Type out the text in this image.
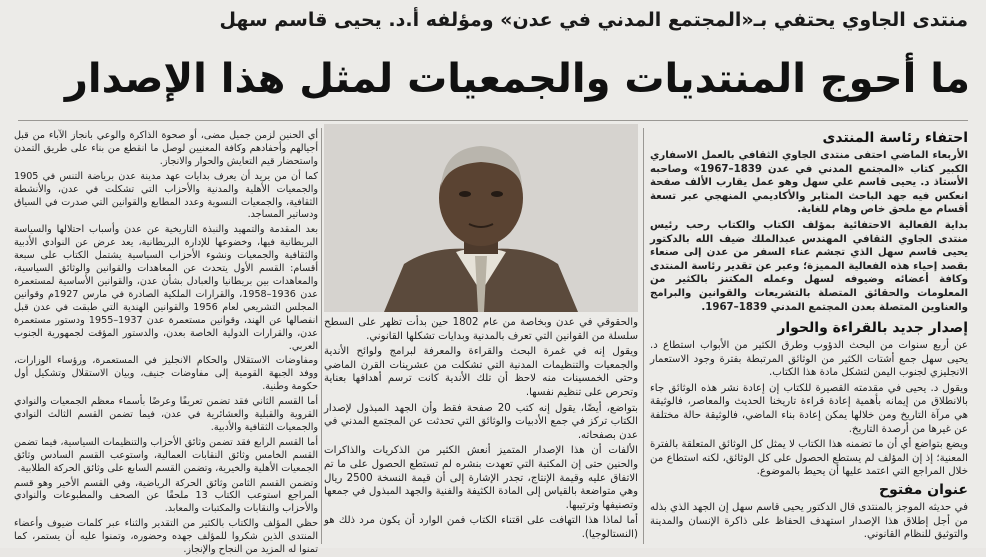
منتدى الجاوي يحتفي بـ«المجتمع المدني في عدن» ومؤلفه أ.د. يحيى قاسم سهل
ما أحوج المنتديات والجمعيات لمثل هذا الإصدار
احتفاء رئاسة المنتدى

الأربعاء الماضي احتفى منتدى الجاوي الثقافي بالعمل الاسفاري الكبير كتاب «المجتمع المدني في عدن 1839–1967» وصاحبه الأستاذ د. يحيى قاسم علي سهل وهو عمل يقارب الألف صفحة انعكس فيه جهد الباحث المثابر والأكاديمي المنهجي عبر تسعة أقسام مع ملحق خاص وهام للغاية.

بداية الفعالية الاحتفائية بمؤلف الكتاب والكتاب رحب رئيس منتدى الجاوي الثقافي المهندس عبدالملك ضيف الله بالدكتور يحيى قاسم سهل الذي تجشم عناء السفر من عدن إلى صنعاء بقصد إحياء هذه الفعالية المميزة؛ وعبر عن تقدير رئاسة المنتدى وكافة أعضائه وضيوفه لسهل وعمله المكتنز بالكثير من المعلومات والحقائق المتصلة بالتشريعات والقوانين والبرامج والعناوين المتصلة بعدن المجتمع المدني 1839–1967.

إصدار جديد بالقراءة والحوار

عن أربع سنوات من البحث الدؤوب وطرق الكثير من الأبواب استطاع د. يحيى سهل جمع أشتات الكثير من الوثائق المرتبطة بفترة وجود الاستعمار الانجليزي لجنوب اليمن لتشكل مادة هذا الكتاب.

ويقول د. يحيى في مقدمته القصيرة للكتاب إن إعادة نشر هذه الوثائق جاء بالانطلاق من إيمانه بأهمية إعادة قراءة تاريخنا الحديث والمعاصر، فالوثيقة هي مرآة التاريخ ومن خلالها يمكن إعادة بناء الماضي، فالوثيقة حالة مختلفة عن غيرها من أرصدة التاريخ.

ويضع بتواضع أي أن ما تضمنه هذا الكتاب لا يمثل كل الوثائق المتعلقة بالفترة المعنية؛ إذ إن المؤلف لم يستطع الحصول على كل الوثائق، لكنه استطاع من خلال المراجع التي اعتمد عليها أن يحيط بالموضوع.

عنوان مفتوح

في حديثه الموجز بالمنتدى قال الدكتور يحيى قاسم سهل إن الجهد الذي بذله من أجل إطلاق هذا الإصدار استهدف الحفاظ على ذاكرة الإنسان والمدينة والتوثيق للنظام القانوني.

والحقوقي في عدن وبخاصة من عام 1802 حين بدأت تظهر على السطح سلسلة من القوانين التي تعرف بالمدنية وبدايات تشكلها القانوني.

ويقول إنه في غمرة البحث والقراءة والمعرفة لبرامج ولوائح الأندية والجمعيات والتنظيمات المدنية التي تشكلت من عشرينات القرن الماضي وحتى الخمسينات منه لاحظ أن تلك الأندية كانت ترسم أهدافها بعناية وتحرص على تنظيم نفسها.

بتواضع، أيضًا، يقول إنه كتب 20 صفحة فقط وأن الجهد المبذول لإصدار الكتاب تركز في جمع الأدبيات والوثائق التي تحدثت عن المجتمع المدني في عدن بصفحاته.

الألفات أن هذا الإصدار المتميز أنعش الكثير من الذكريات والذاكرات والحنين حتى إن المكتبة التي تعهدت بنشره لم تستطع الحصول على ما تم الاتفاق عليه وقيمة الإنتاج، تجدر الإشارة إلى أن قيمة النسخة 2500 ريال وهي متواضعة بالقياس إلى المادة الكثيفة والفنية والجهد المبذول في جمعها وتصنيفها وترتيبها.

أما لماذا هذا التهافت على اقتناء الكتاب فمن الوارد أن يكون مرد ذلك هو (النستالوجيا).

أي الحنين لزمن جميل مضى، أو صحوة الذاكرة والوعي بانجاز الآباء من قبل أجيالهم وأحفادهم وكافة المعنيين لوصل ما انقطع من بناء على طريق التمدن واستحضار قيم التعايش والحوار والانجاز.

كما أن من يريد أن يعرف بدايات عهد مدينة عدن برياضة التنس في 1905 والجمعيات الأهلية والمدنية والأحزاب التي تشكلت في عدن، والأنشطة الثقافية، والجمعيات النسوية وعدد المطابع والقوانين التي صدرت في السياق ودساتير المساجد.

بعد المقدمة والتمهيد والنبذة التاريخية عن عدن وأسباب احتلالها والسياسة البريطانية فيها، وخضوعها للإدارة البريطانية، يعد عرض عن النوادي الأدبية والثقافية والجمعيات ونشوء الأحزاب السياسية يشتمل الكتاب على سبعة أقسام: القسم الأول يتحدث عن المعاهدات والقوانين والوثائق السياسية، والمعاهدات بين بريطانيا والعبادل بشأن عدن، والقوانين الأساسية لمستعمرة عدن 1936–1958، والقرارات الملكية الصادرة في مارس 1927م وقوانين المجلس التشريعي لعام 1956 والقوانين الهندية التي طبقت في عدن قبل انفصالها عن الهند، وقوانين مستعمرة عدن 1937–1955 ودستور مستعمرة عدن، والقرارات الدولية الخاصة بعدن، والدستور المؤقت لجمهورية الجنوب العربي.

ومفاوضات الاستقلال والحكام الانجليز في المستعمرة، ورؤساء الوزارات، ووفد الجبهة القومية إلى مفاوضات جنيف، وبيان الاستقلال وتشكيل أول حكومة وطنية.

أما القسم الثاني فقد تضمن تعريفًا وعرضًا بأسماء معظم الجمعيات والنوادي القروية والقبلية والعشائرية في عدن، فيما تضمن القسم الثالث النوادي والجمعيات الثقافية والأدبية.

أما القسم الرابع فقد تضمن وثائق الأحزاب والتنظيمات السياسية، فيما تضمن القسم الخامس وثائق النقابات العمالية، واستوعب القسم السادس وثائق الجمعيات الأهلية والخيرية، وتضمن القسم السابع على وثائق الحركة الطلابية.

وتضمن القسم الثامن وثائق الحركة الرياضية، وفي القسم الأخير وهو قسم المراجع استوعب الكتاب 13 ملحقًا عن الصحف والمطبوعات والنوادي والأحزاب والنقابات والمكتبات والمعابد.

حظي المؤلف والكتاب بالكثير من التقدير والثناء عبر كلمات ضيوف وأعضاء المنتدى الذين شكروا للمؤلف جهده وحضوره، وتمنوا عليه أن يستمر، كما تمنوا له المزيد من النجاح والإنجاز.
